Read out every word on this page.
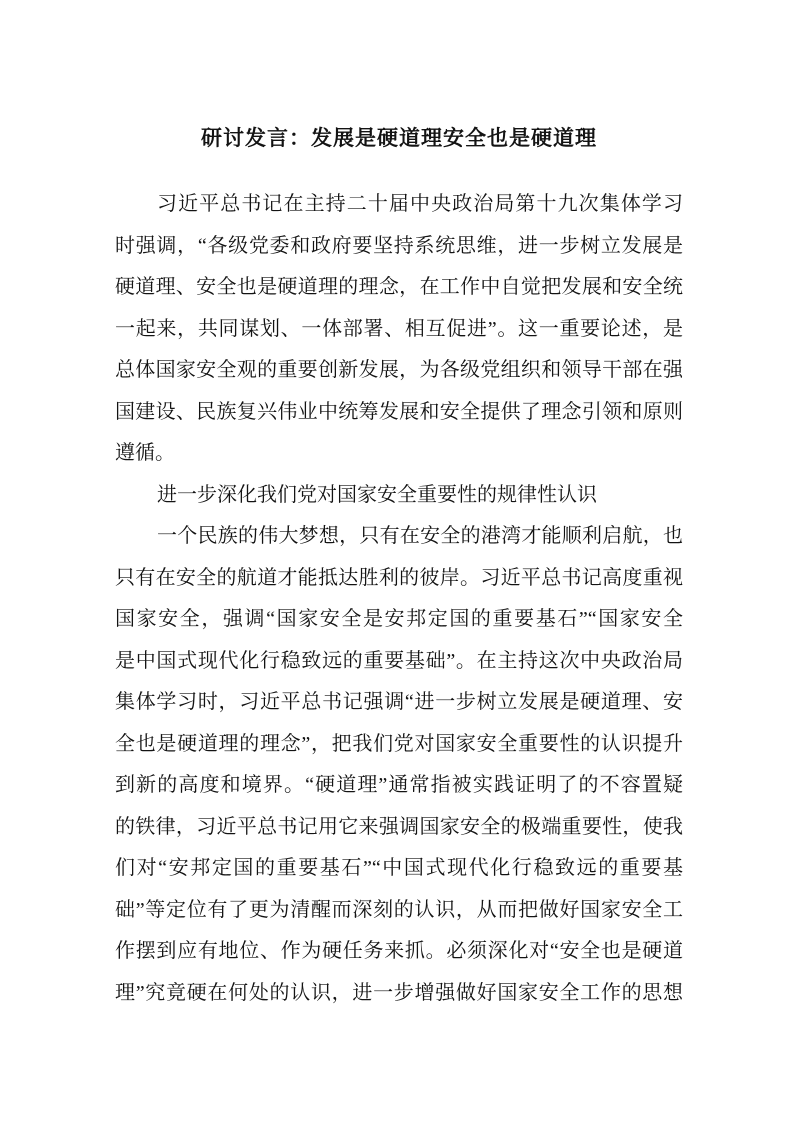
研讨发言：发展是硬道理安全也是硬道理
习近平总书记在主持二十届中央政治局第十九次集体学习
时强调，“各级党委和政府要坚持系统思维，进一步树立发展是
硬道理、安全也是硬道理的理念，在工作中自觉把发展和安全统
一起来，共同谋划、一体部署、相互促进”。这一重要论述，是
总体国家安全观的重要创新发展，为各级党组织和领导干部在强
国建设、民族复兴伟业中统筹发展和安全提供了理念引领和原则
遵循。
进一步深化我们党对国家安全重要性的规律性认识
一个民族的伟大梦想，只有在安全的港湾才能顺利启航，也
只有在安全的航道才能抵达胜利的彼岸。习近平总书记高度重视
国家安全，强调“国家安全是安邦定国的重要基石”“国家安全
是中国式现代化行稳致远的重要基础”。在主持这次中央政治局
集体学习时，习近平总书记强调“进一步树立发展是硬道理、安
全也是硬道理的理念”，把我们党对国家安全重要性的认识提升
到新的高度和境界。“硬道理”通常指被实践证明了的不容置疑
的铁律，习近平总书记用它来强调国家安全的极端重要性，使我
们对“安邦定国的重要基石”“中国式现代化行稳致远的重要基
础”等定位有了更为清醒而深刻的认识，从而把做好国家安全工
作摆到应有地位、作为硬任务来抓。必须深化对“安全也是硬道
理”究竟硬在何处的认识，进一步增强做好国家安全工作的思想
